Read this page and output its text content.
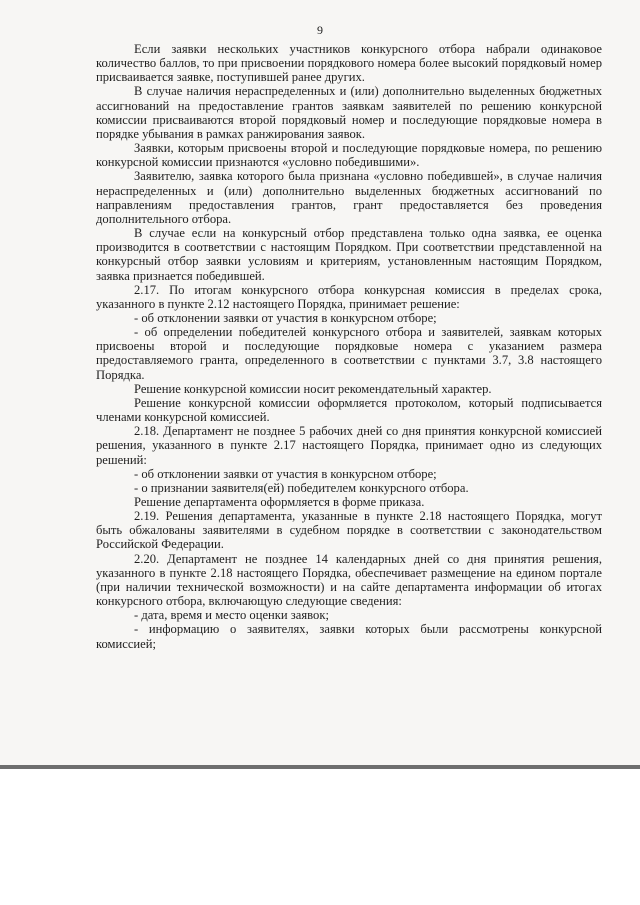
9

Если заявки нескольких участников конкурсного отбора набрали одинаковое количество баллов, то при присвоении порядкового номера более высокий порядковый номер присваивается заявке, поступившей ранее других.

В случае наличия нераспределенных и (или) дополнительно выделенных бюджетных ассигнований на предоставление грантов заявкам заявителей по решению конкурсной комиссии присваиваются второй порядковый номер и последующие порядковые номера в порядке убывания в рамках ранжирования заявок.

Заявки, которым присвоены второй и последующие порядковые номера, по решению конкурсной комиссии признаются «условно победившими».

Заявителю, заявка которого была признана «условно победившей», в случае наличия нераспределенных и (или) дополнительно выделенных бюджетных ассигнований по направлениям предоставления грантов, грант предоставляется без проведения дополнительного отбора.

В случае если на конкурсный отбор представлена только одна заявка, ее оценка производится в соответствии с настоящим Порядком. При соответствии представленной на конкурсный отбор заявки условиям и критериям, установленным настоящим Порядком, заявка признается победившей.

2.17. По итогам конкурсного отбора конкурсная комиссия в пределах срока, указанного в пункте 2.12 настоящего Порядка, принимает решение:

- об отклонении заявки от участия в конкурсном отборе;

- об определении победителей конкурсного отбора и заявителей, заявкам которых присвоены второй и последующие порядковые номера с указанием размера предоставляемого гранта, определенного в соответствии с пунктами 3.7, 3.8 настоящего Порядка.

Решение конкурсной комиссии носит рекомендательный характер.

Решение конкурсной комиссии оформляется протоколом, который подписывается членами конкурсной комиссией.

2.18. Департамент не позднее 5 рабочих дней со дня принятия конкурсной комиссией решения, указанного в пункте 2.17 настоящего Порядка, принимает одно из следующих решений:

- об отклонении заявки от участия в конкурсном отборе;

- о признании заявителя(ей) победителем конкурсного отбора.

Решение департамента оформляется в форме приказа.

2.19. Решения департамента, указанные в пункте 2.18 настоящего Порядка, могут быть обжалованы заявителями в судебном порядке в соответствии с законодательством Российской Федерации.

2.20. Департамент не позднее 14 календарных дней со дня принятия решения, указанного в пункте 2.18 настоящего Порядка, обеспечивает размещение на едином портале (при наличии технической возможности) и на сайте департамента информации об итогах конкурсного отбора, включающую следующие сведения:

- дата, время и место оценки заявок;

- информацию о заявителях, заявки которых были рассмотрены конкурсной комиссией;
